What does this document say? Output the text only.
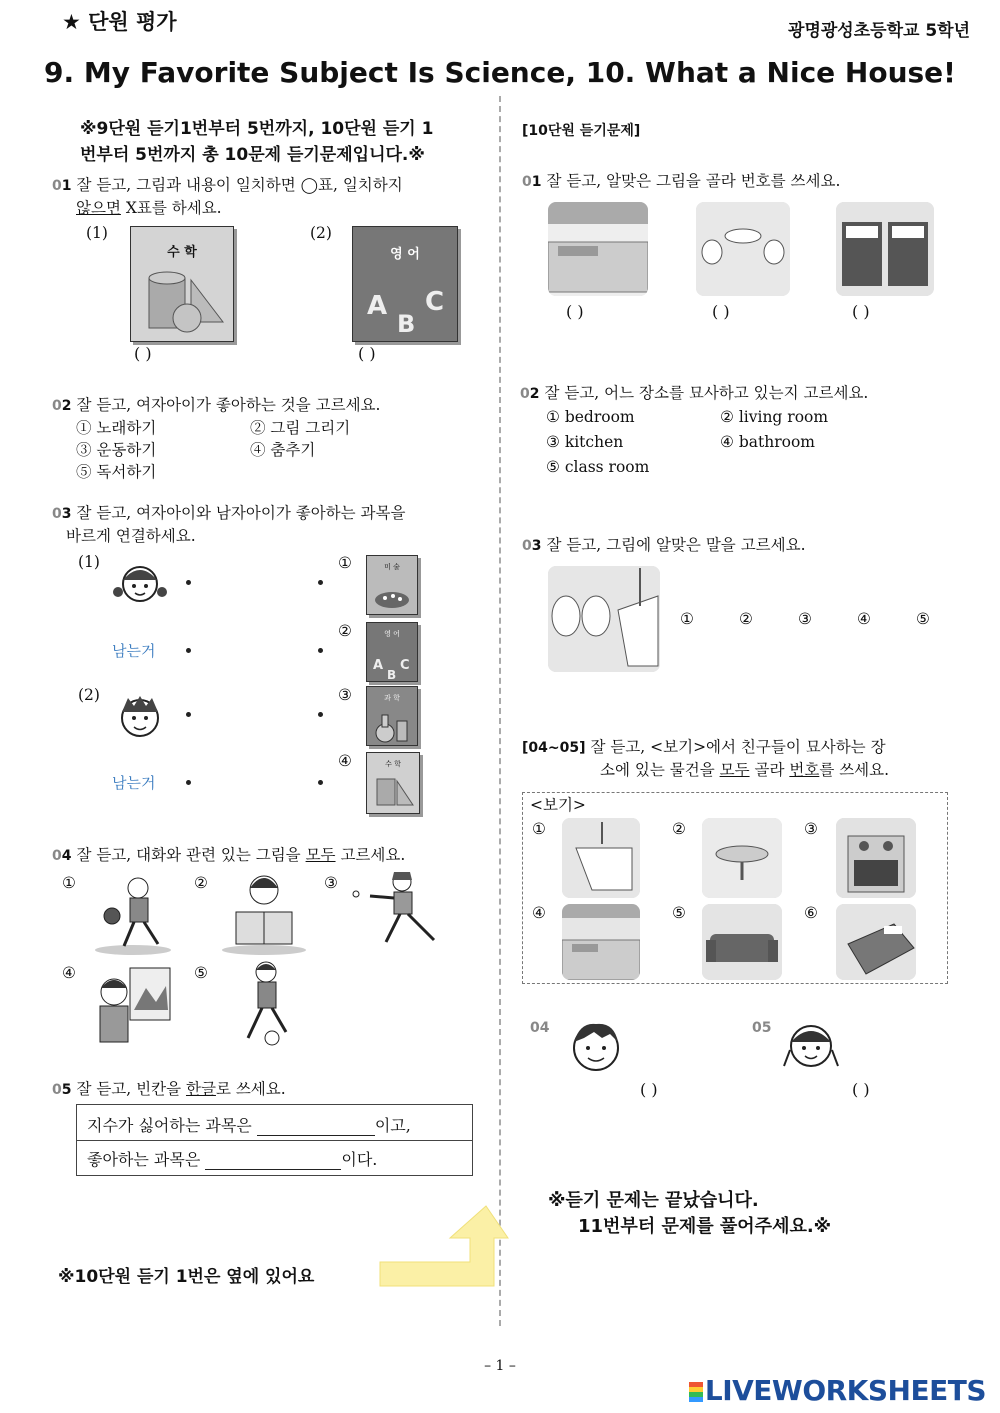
★ 단원 평가	광명광성초등학교 5학년
9. My Favorite Subject Is Science, 10. What a Nice House!
※9단원 듣기1번부터 5번까지, 10단원 듣기 1
번부터 5번까지 총 10문제 듣기문제입니다.※
01 잘 듣고, 그림과 내용이 일치하면 ◯표, 일치하지
않으면 X표를 하세요.
(1)	(2)
수 학	영 어
A
B
C
( )	( )
02 잘 듣고, 여자아이가 좋아하는 것을 고르세요.
① 노래하기	② 그림 그리기
③ 운동하기	④ 춤추기
⑤ 독서하기
03 잘 듣고, 여자아이와 남자아이가 좋아하는 과목을
바르게 연결하세요.
(1)
남는거
(2)
남는거
①
②
③
④
미 술
영 어
A
B
C
과 학
수 학
04 잘 듣고, 대화와 관련 있는 그림을 모두 고르세요.
①	②	③
④	⑤
05 잘 듣고, 빈칸을 한글로 쓰세요.
지수가 싫어하는 과목은	이고,
좋아하는 과목은	이다.
※10단원 듣기 1번은 옆에 있어요
[10단원 듣기문제]
01 잘 듣고, 알맞은 그림을 골라 번호를 쓰세요.
( )	( )	( )
02 잘 듣고, 어느 장소를 묘사하고 있는지 고르세요.
① bedroom	② living room
③ kitchen	④ bathroom
⑤ class room
03 잘 듣고, 그림에 알맞은 말을 고르세요.
①	②	③	④	⑤
[04~05] 잘 듣고, <보기>에서 친구들이 묘사하는 장
소에 있는 물건을 모두 골라 번호를 쓰세요.
<보기>
①	②	③
④	⑤	⑥
04	05
( )	( )
※듣기 문제는 끝났습니다.
11번부터 문제를 풀어주세요.※
– 1 –
LIVEWORKSHEETS
